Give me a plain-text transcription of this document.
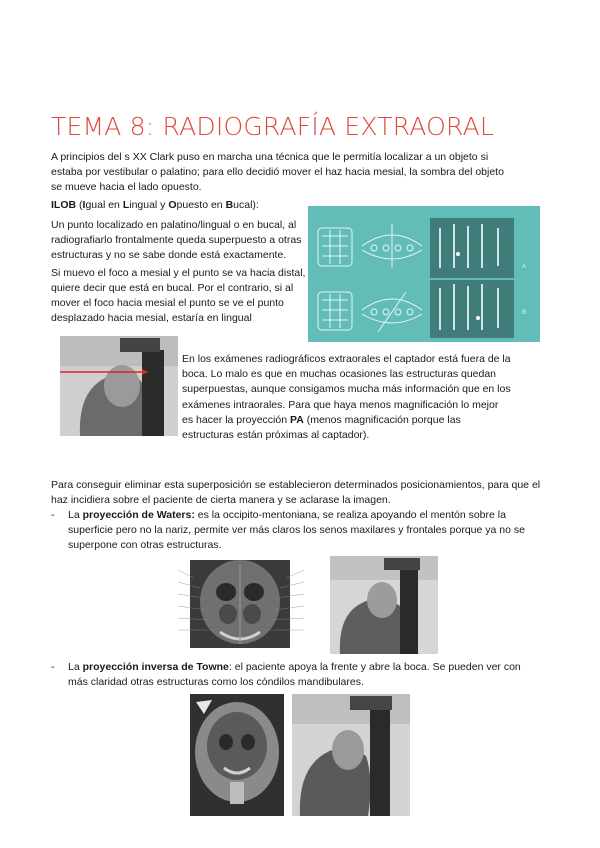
TEMA 8: RADIOGRAFÍA EXTRAORAL
A principios del s XX Clark puso en marcha una técnica que le permitía localizar a un objeto si estaba por vestibular o palatino; para ello decidió mover el haz hacia mesial, la sombra del objeto se mueve hacia el lado opuesto.
ILOB (Igual en Lingual y Opuesto en Bucal):
Un punto localizado en palatino/lingual o en bucal, al radiografiarlo frontalmente queda superpuesto a otras estructuras y no se sabe donde está exactamente.
Si muevo el foco a mesial y el punto se va hacia distal, quiere decir que está en bucal. Por el contrario, si al mover el foco hacia mesial el punto se ve el punto desplazado hacia mesial, estaría en lingual
A
B
En los exámenes radiográficos extraorales el captador está fuera de la boca. Lo malo es que en muchas ocasiones las estructuras quedan superpuestas, aunque consigamos mucha más información que en los exámenes intraorales. Para que haya menos magnificación lo mejor es hacer la proyección PA (menos magnificación porque las estructuras están próximas al captador).
Para conseguir eliminar esta superposición se establecieron determinados posicionamientos, para que el haz incidiera sobre el paciente de cierta manera y se aclarase la imagen.
- La proyección de Waters: es la occipito-mentoniana, se realiza apoyando el mentón sobre la superficie pero no la nariz, permite ver más claros los senos maxilares y frontales porque ya no se superpone con otras estructuras.
- La proyección inversa de Towne: el paciente apoya la frente y abre la boca. Se pueden ver con más claridad otras estructuras como los cóndilos mandibulares.
